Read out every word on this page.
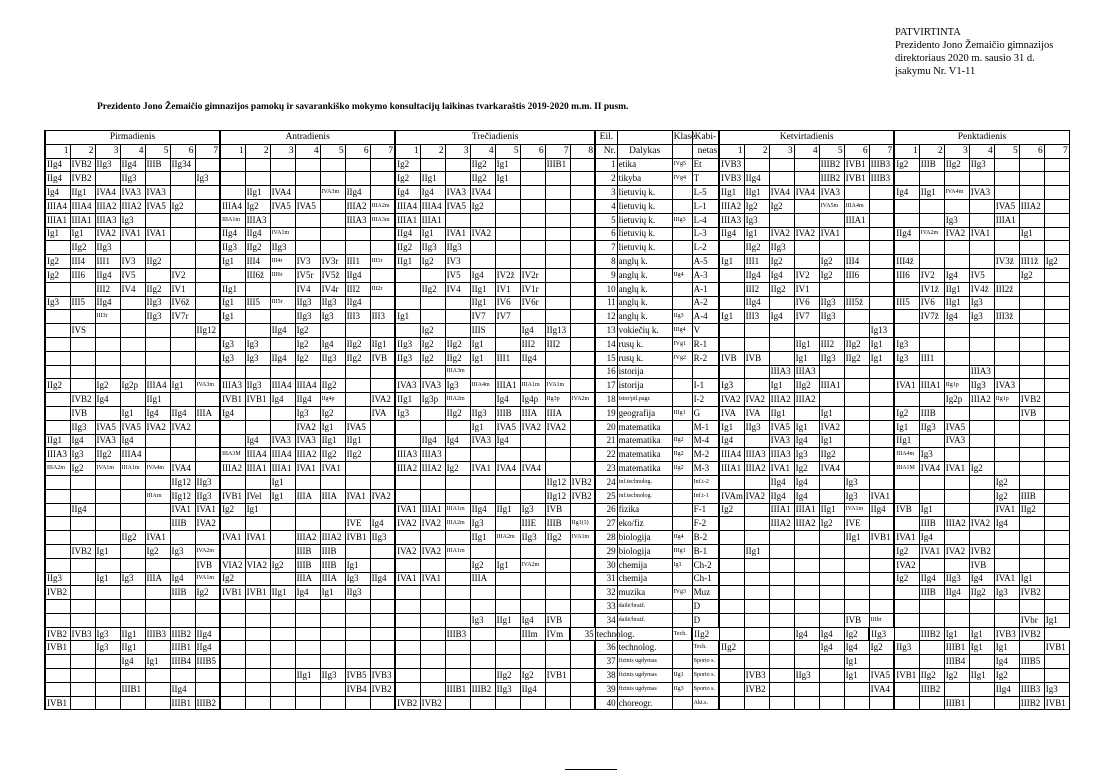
PATVIRTINTA
Prezidento Jono Žemaičio gimnazijos
direktoriaus 2020 m. sausio 31 d.
įsakymu Nr. V1-11
Prezidento Jono Žemaičio gimnazijos pamokų ir savarankiško mokymo konsultacijų laikinas tvarkaraštis 2019-2020 m.m. II pusm.
Pirmadienis							Antradienis							Trečiadienis								Eil.		Klasė	Kabi-	Ketvirtadienis							Penktadienis						
1	2	3	4	5	6	7	1	2	3	4	5	6	7	1	2	3	4	5	6	7	8	Nr.	Dalykas		netas	1	2	3	4	5	6	7	1	2	3	4	5	6	7
IIg4	IVB2	IIg3	IIg4	IIIB	IIg34									Ig2			IIg2	Ig1		IIIB1		1	etika	IVg5	Et	IVB3				IIIB2	IVB1	IIIB3	Ig2	IIIB	IIg2	IIg3			
IIg4	IVB2		IIg3			Ig3								Ig2	IIg1		IIg2	Ig1				2	tikyba	IVg4	T	IVB3	IIg4			IIIB2	IVB1	IIIB3							
Ig4	IIg1	IVA4	IVA3	IVA3				IIg1	IVA4		IVA3m	IIg4		Ig4	Ig4	IVA3	IVA4					3	lietuvių k.		L-5	IIg1	IIg1	IVA4	IVA4	IVA3			Ig4	IIg1	IVA4m	IVA3			
IIIA4	IIIA4	IIIA2	IIIA2	IVA5	Ig2		IIIA4	Ig2	IVA5	IVA5		IIIA2	IIIA2m	IIIA4	IIIA4	IVA5	Ig2					4	lietuvių k.		L-1	IIIA2	Ig2	Ig2		IVA5m	IIIA4m						IVA5	IIIA2	
IIIA1	IIIA1	IIIA3	Ig3				IIIA1m	IIIA3				IIIA3	IIIA3m	IIIA1	IIIA1							5	lietuvių k.	IIIg3	L-4	IIIA3	Ig3				IIIA1				Ig3		IIIA1		
Ig1	Ig1	IVA2	IVA1	IVA1			IIg4	IIg4	IVA1m					IIg4	Ig1	IVA1	IVA2					6	lietuvių k.		L-3	IIg4	Ig1	IVA2	IVA2	IVA1			IIg4	IVA2m	IVA2	IVA1		Ig1	
	IIg2	IIg3					IIg3	IIg2	IIg3					IIg2	IIg3	IIg3						7	lietuvių k.		L-2		IIg2	IIg3											
Ig2	III4	III1	IV3	IIg2			Ig1	III4	III4r	IV3	IV3r	III1	III1r	IIg1	Ig2	IV3						8	anglų k.		A-5	Ig1	III1	Ig2		Ig2	III4		III4ž				IV3ž	III1ž	Ig2
Ig2	III6	IIg4	IV5		IV2			III6ž	III6r	IV5r	IV5ž	IIg4				IV5	Ig4	IV2ž	IV2r			9	anglų k.	IIg4	A-3		IIg4	Ig4	IV2	Ig2	III6		III6	IV2	Ig4	IV5		Ig2	
		III2	IV4	IIg2	IV1		IIg1			IV4	IV4r	III2	III2r		IIg2	IV4	IIg1	IV1	IV1r			10	anglų k.		A-1		III2	IIg2	IV1					IV1ž	IIg1	IV4ž	III2ž		
Ig3	III5	IIg4		IIg3	IV6ž		Ig1	III5	III5r	IIg3	IIg3	IIg4					IIg1	IV6	IV6r			11	anglų k.		A-2		IIg4		IV6	IIg3	III5ž		III5	IV6	IIg1	Ig3			
		III3r		IIg3	IV7r		Ig1			IIg3	Ig3	III3	III3	Ig1			IV7	IV7				12	anglų k.	IIg3	A-4	Ig1	III3	Ig4	IV7	IIg3				IV7ž	Ig4	Ig3	III3ž		
	IVS					IIg12			IIg4	Ig2					Ig2		IIIS		Ig4	IIg13		13	vokiečių k.	IIIg4	V							Ig13							
							Ig3	Ig3		Ig2	Ig4	IIg2	IIg1	IIg3	Ig2	IIg2	Ig1		III2	III2		14	rusų k.	IVg1	R-1				IIg1	III2	IIg2	Ig1	Ig3						
							Ig3	Ig3	IIg4	Ig2	IIg3	IIg2	IVB	IIg3	Ig2	IIg2	Ig1	III1	IIg4			15	rusų k.	IVg2	R-2	IVB	IVB		Ig1	IIg3	IIg2	Ig1	Ig3	III1					
																IIIA3m						16	istorija					IIIA3	IIIA3							IIIA3			
IIg2		Ig2	Ig2p	IIIA4	Ig1	IVA3m	IIIA3	IIg3	IIIA4	IIIA4	IIg2			IVA3	IVA3	Ig3	IIIA4m	IIIA1	IIIA1m	IVA1m		17	istorija		I-1	Ig3		Ig1	IIg2	IIIA1			IVA1	IIIA1	IIg1p	IIg3	IVA3		
	IVB2	Ig4		IIg1			IVB1	IVB1	Ig4	IIg4	IIg4p		IVA2	IIg1	Ig3p	IIIA2m		Ig4	Ig4p	IIg3p	IVA2m	18	istor/pil.pagr.		I-2	IVA2	IVA2	IIIA2	IIIA2						Ig2p	IIIA2	IIg1p	IVB2	
	IVB		Ig1	Ig4	IIg4	IIIA	Ig4			Ig3	Ig2		IVA	Ig3		IIg2	IIg3	IIIB	IIIA	IIIA		19	geografija	IIIg1	G	IVA	IVA	IIg1		Ig1			Ig2	IIIB				IVB	
	IIg3	IVA5	IVA5	IVA2	IVA2					IVA2	Ig1	IVA5					Ig1	IVA5	IVA2	IVA2		20	matematika		M-1	Ig1	IIg3	IVA5	Ig1	IVA2			Ig1	IIg3	IVA5				
IIg1	Ig4	IVA3	Ig4					Ig4	IVA3	IVA3	IIg1	IIg1			IIg4	Ig4	IVA3	Ig4				21	matematika	IIg2	M-4	Ig4		IVA3	Ig4	Ig1			IIg1		IVA3				
IIIA3	Ig3	IIg2	IIIA4				IIIA3M	IIIA4	IIIA4	IIIA2	IIg2	IIg2		IIIA3	IIIA3							22	matematika	IIg2	M-2	IIIA4	IIIA3	IIIA3	Ig3	IIg2			IIIA4m	Ig3					
IIIA2m	Ig2	IVA1m	IIIA1m	IVA4m	IVA4		IIIA2	IIIA1	IIIA1	IVA1	IVA1			IIIA2	IIIA2	Ig2	IVA1	IVA4	IVA4			23	matematika	IIg2	M-3	IIIA1	IIIA2	IVA1	Ig2	IVA4			IIIA1M	IVA4	IVA1	Ig2			
					IIg12	IIg3			Ig1											IIg12	IVB2	24	inf.technolog.		Inf.t-2			IIg4	Ig4		Ig3						Ig2		
				IIIAm	IIg12	IIg3	IVB1	IVel	Ig1	IIIA	IIIA	IVA1	IVA2							IIg12	IVB2	25	inf.technolog.		Inf.t-1	IVAm	IVA2	IIg4	Ig4		Ig3	IVA1					Ig2	IIIB	
	IIg4				IVA1	IVA1	Ig2	Ig1						IVA1	IIIA1	IIIA1m	IIg4	IIg1	Ig3	IVB		26	fizika		F-1	Ig2		IIIA1	IIIA1	IIg1	IVA1m	IIg4	IVB	Ig1			IVA1	IIg2	
					IIIB	IVA2						IVE	Ig4	IVA2	IVA2	IIIA2m	Ig3		IIIE	IIIB	IIg1(3)	27	eko/fiz		F-2			IIIA2	IIIA2	Ig2	IVE			IIIB	IIIA2	IVA2	Ig4		
			IIg2	IVA1			IVA1	IVA1		IIIA2	IIIA2	IVB1	IIg3				IIg1	IIIA2m	IIg3	IIg2	IVA1m	28	biologija	IIg4	B-2						IIg1	IVB1	IVA1	Ig4					
	IVB2	Ig1		Ig2	Ig3	IVA2m				IIIB	IIIB			IVA2	IVA2	IIIA1m						29	biologija	IIIg1	B-1		IIg1						Ig2	IVA1	IVA2	IVB2			
						IVB	VIA2	VIA2	Ig2	IIIB	IIIB	Ig1					Ig2	Ig1	IVA2m			30	chemija	Ig1	Ch-2								IVA2			IVB			
IIg3		Ig1	Ig3	IIIA	Ig4	IVA1m	Ig2			IIIA	IIIA	Ig3	IIg4	IVA1	IVA1		IIIA					31	chemija		Ch-1								Ig2	IIg4	IIg3	Ig4	IVA1	Ig1	
IVB2					IIIB	Ig2	IVB1	IVB1	IIg1	Ig4	Ig1	IIg3										32	muzika	IVg3	Muz									IIIB	IIg4	IIg2	Ig3	IVB2	
																						33	dailė/braiž.		D														
																	Ig3	IIg1	Ig4	IVB		34	dailė/braiž.		D						IVB	IIIbr						IVbr	Ig1
IVB2	IVB3	Ig3	IIg1	IIIB3	IIIB2	IIg4										IIIB3			IIIm	IVm	35	technolog.		Tech.	IIg2				Ig4	Ig4	Ig2	IIg3		IIIB2	Ig1	Ig1	IVB3	IVB2	
IVB1		Ig3	IIg1		IIIB1	IIg4																36	technolog.		Tech.	IIg2				Ig4	Ig4	Ig2	IIg3		IIIB1	Ig1	Ig1		IVB1
			Ig4	Ig1	IIIB4	IIIB5																37	fizinis ugdymas		Sporto s.						Ig1				IIIB4		Ig4	IIIB5	
										IIg1	IIg3	IVB5	IVB3					IIg2	Ig2	IVB1		38	fizinis ugdymas	IIg1	Sporto s.		IVB3		IIg3		Ig1	IVA5	IVB1	IIg2	Ig2	IIg1	Ig2		
			IIIB1		IIg4							IVB4	IVB2			IIIB1	IIIB2	IIg3	IIg4			39	fizinis ugdymas	IIg3	Sporto s.		IVB2					IVA4		IIIB2			IIg4	IIIB3	Ig3
IVB1					IIIB1	IIIB2								IVB2	IVB2							40	choreogr.		Akt.s.										IIIB1			IIIB2	IVB1
